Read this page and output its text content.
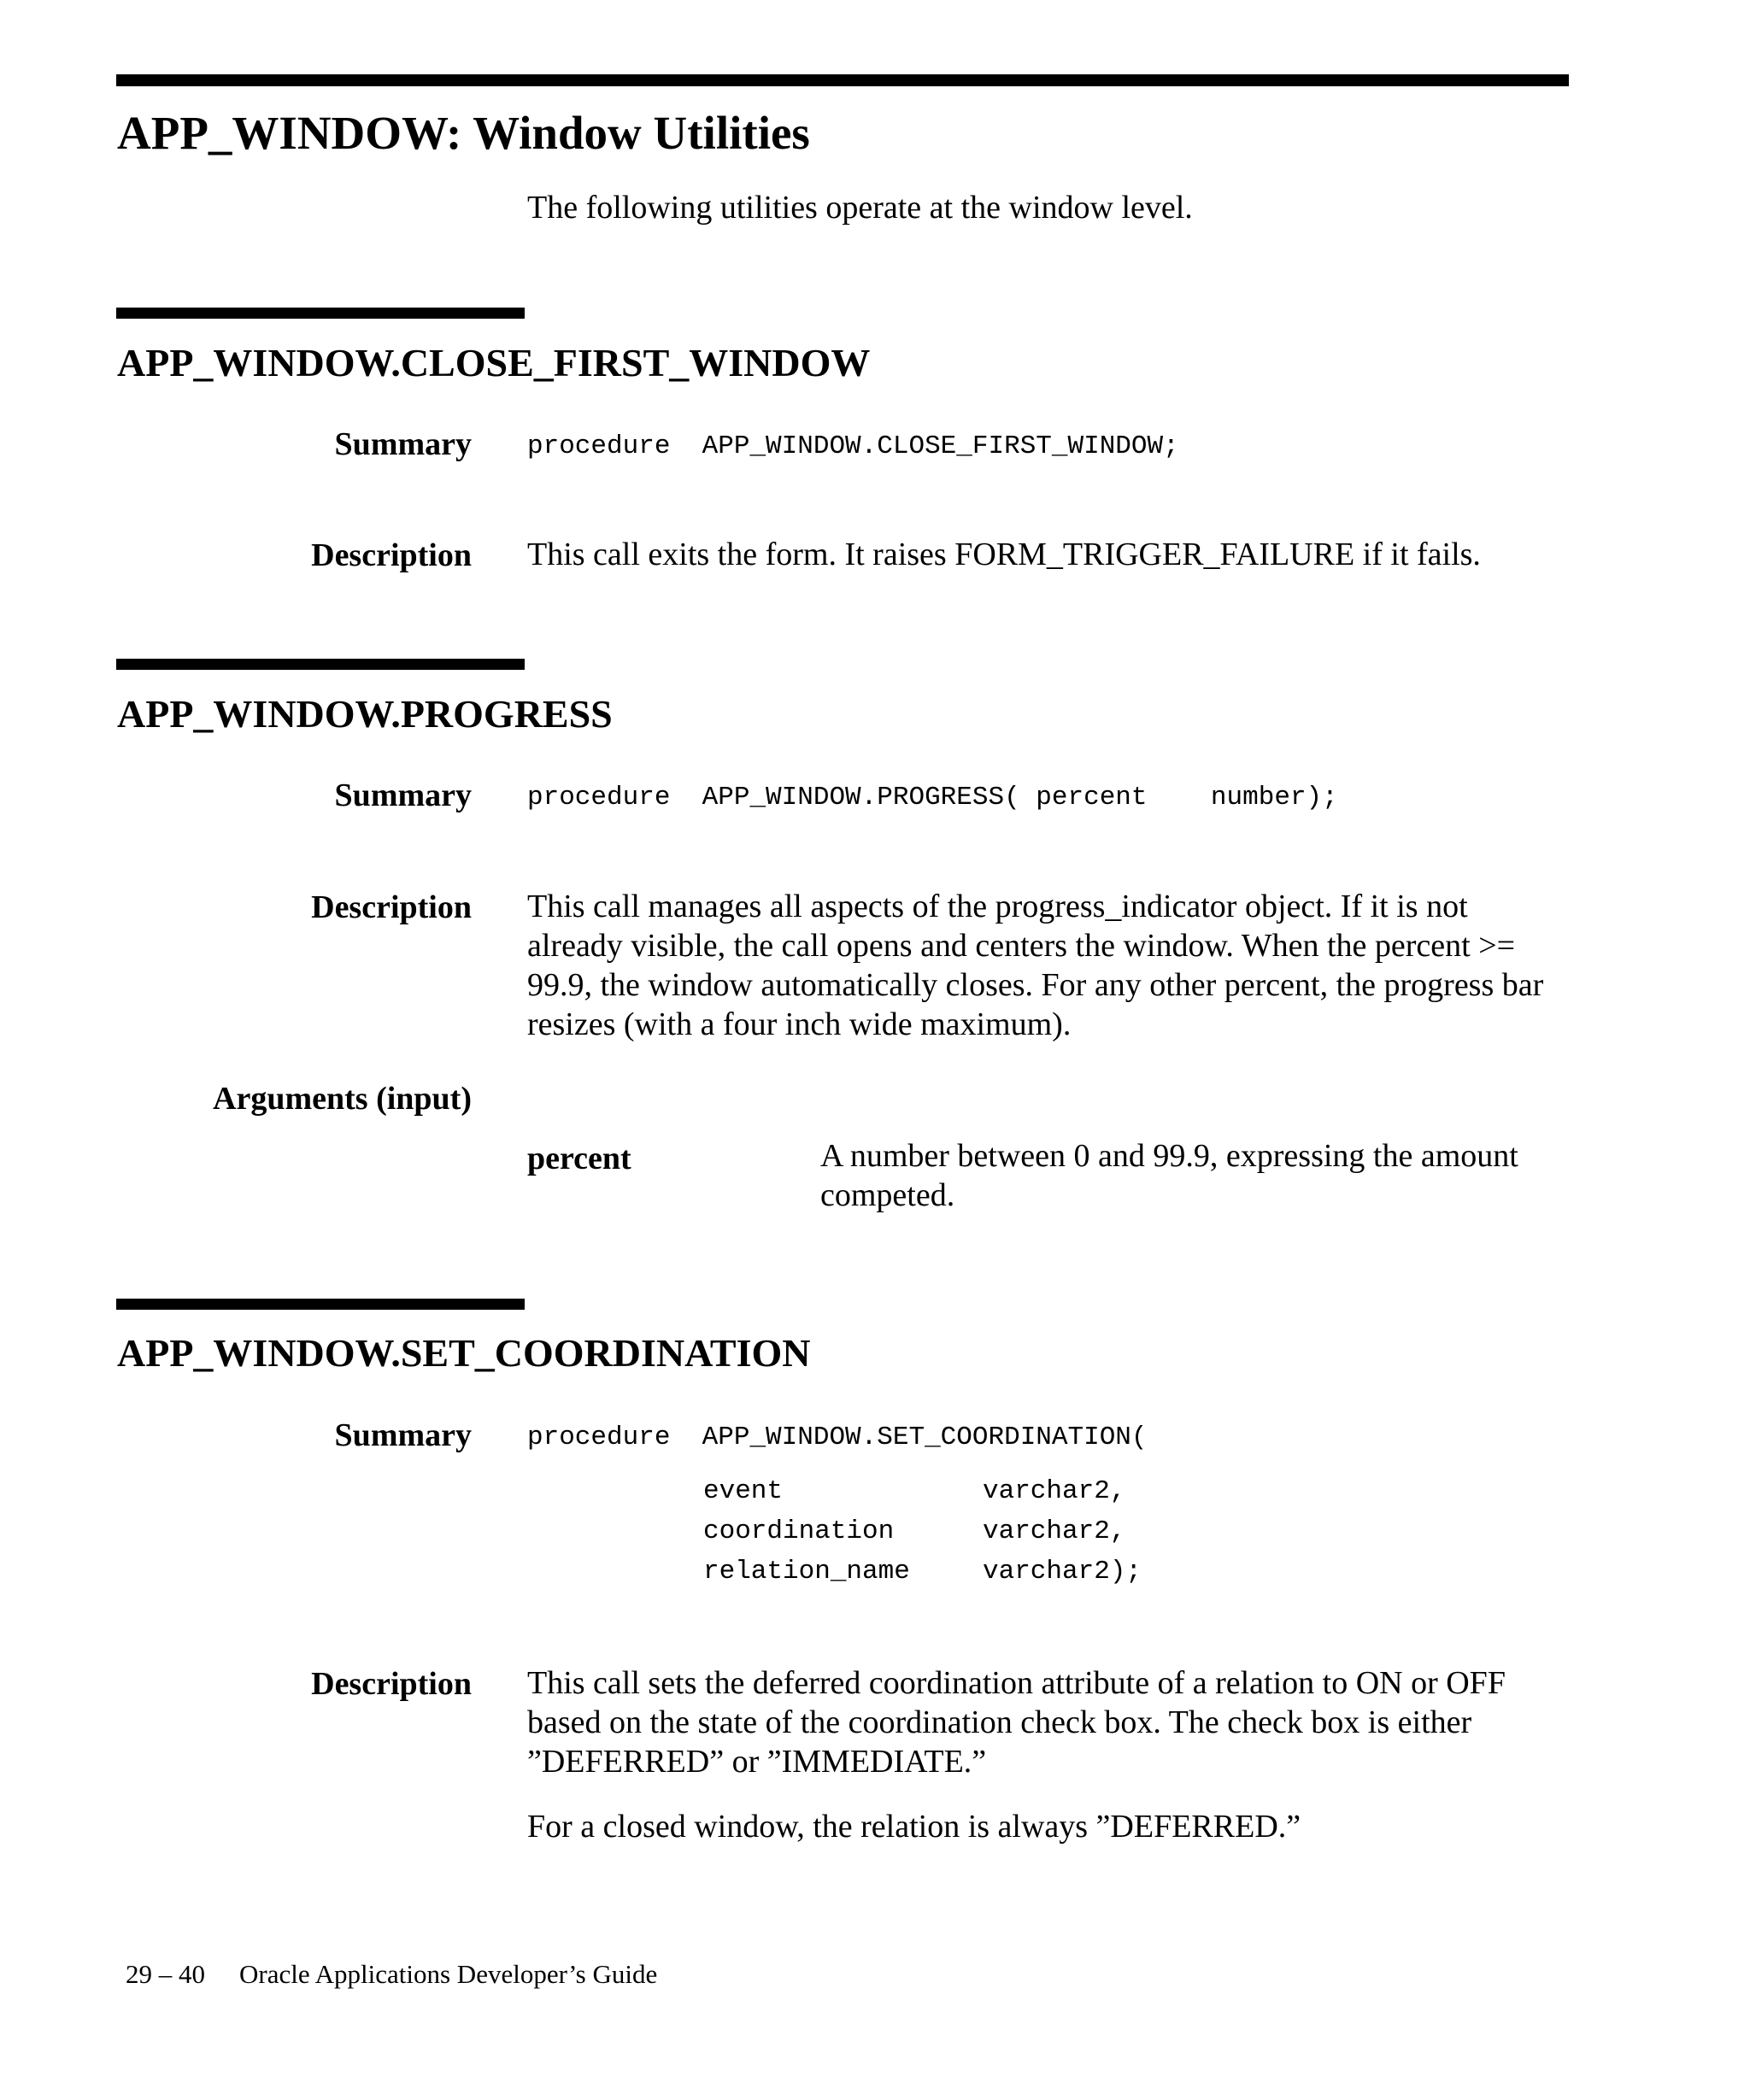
APP_WINDOW: Window Utilities
The following utilities operate at the window level.
APP_WINDOW.CLOSE_FIRST_WINDOW
Summary procedure  APP_WINDOW.CLOSE_FIRST_WINDOW;
Description This call exits the form. It raises FORM_TRIGGER_FAILURE if it fails.
APP_WINDOW.PROGRESS
Summary procedure  APP_WINDOW.PROGRESS( percent    number);
Description This call manages all aspects of the progress_indicator object. If it is not already visible, the call opens and centers the window. When the percent >= 99.9, the window automatically closes. For any other percent, the progress bar resizes (with a four inch wide maximum).
Arguments (input)
percent	A number between 0 and 99.9, expressing the amount competed.
APP_WINDOW.SET_COORDINATION
Summary procedure  APP_WINDOW.SET_COORDINATION(
event	varchar2,
coordination	varchar2,
relation_name	varchar2);
Description This call sets the deferred coordination attribute of a relation to ON or OFF based on the state of the coordination check box. The check box is either ”DEFERRED” or ”IMMEDIATE.”
For a closed window, the relation is always ”DEFERRED.”
29 – 40 Oracle Applications Developer’s Guide
